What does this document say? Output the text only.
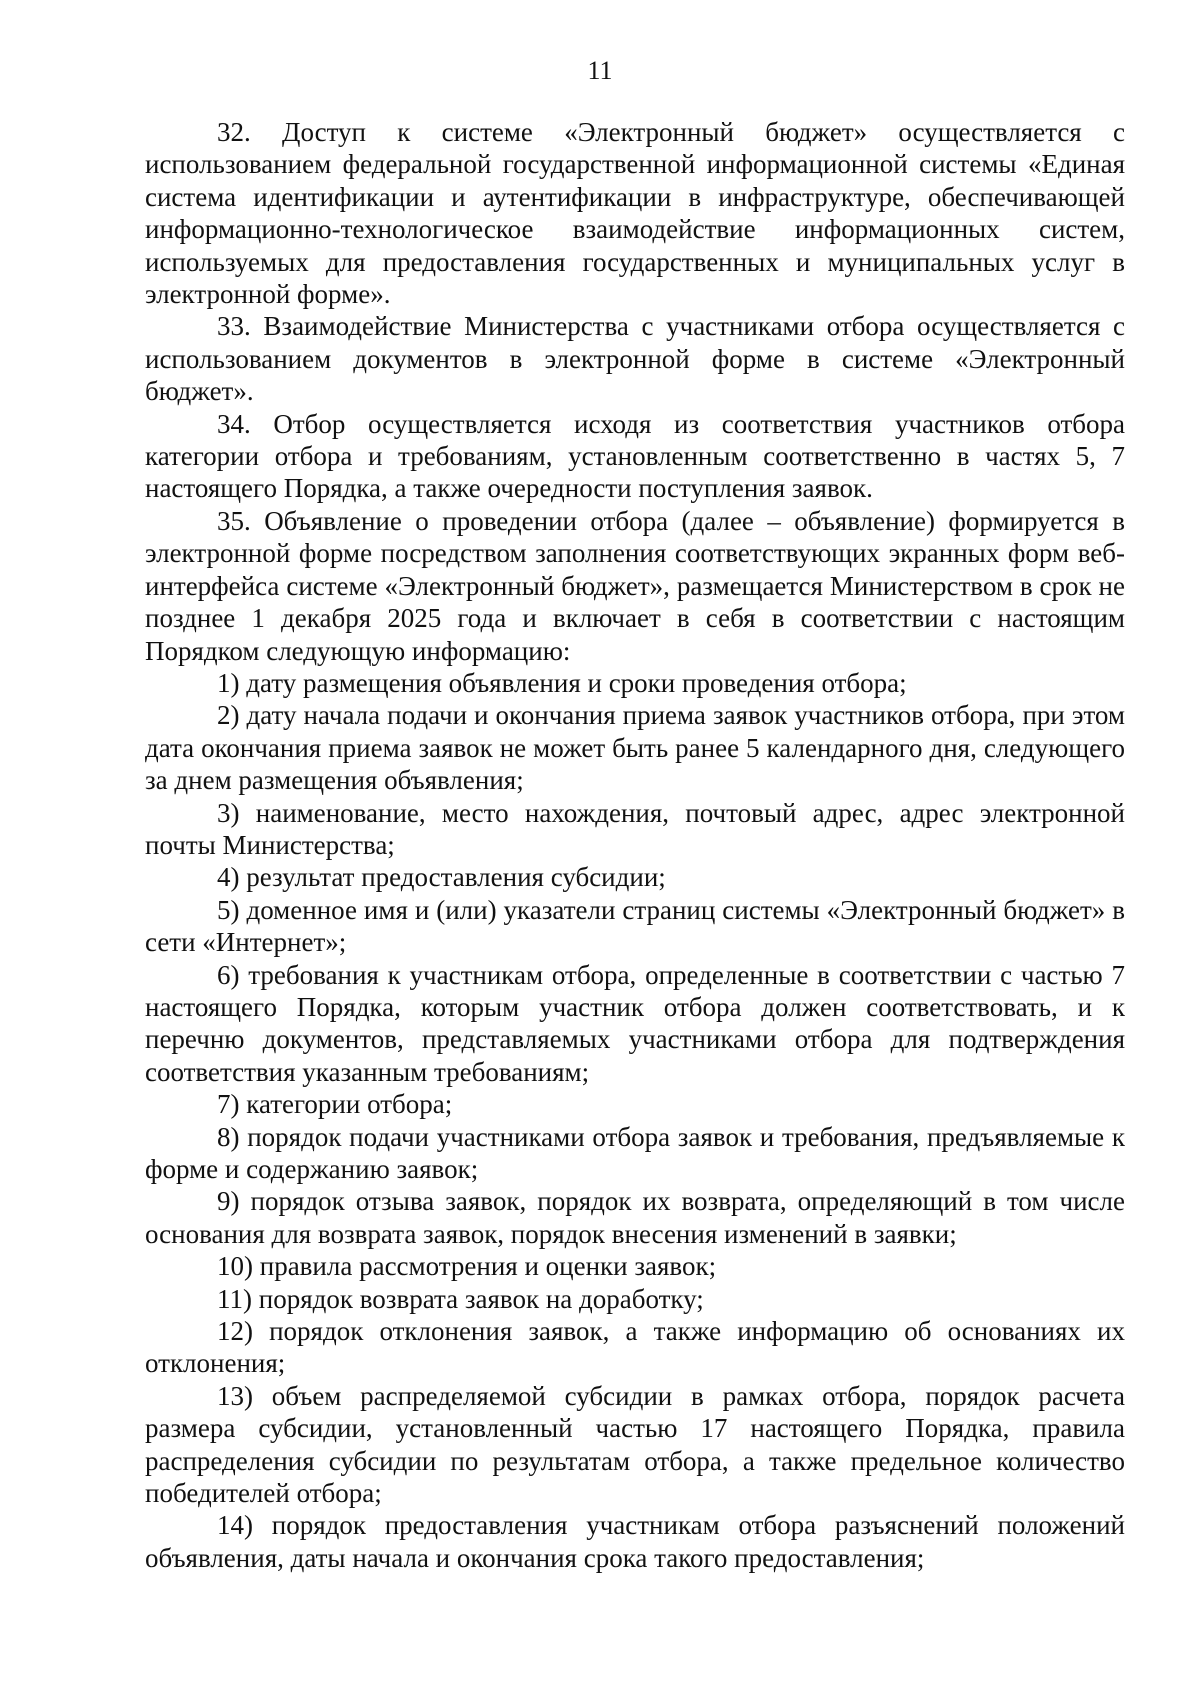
11

32. Доступ к системе «Электронный бюджет» осуществляется с использованием федеральной государственной информационной системы «Единая система идентификации и аутентификации в инфраструктуре, обеспечивающей информационно-технологическое взаимодействие информационных систем, используемых для предоставления государственных и муниципальных услуг в электронной форме».

33. Взаимодействие Министерства с участниками отбора осуществляется с использованием документов в электронной форме в системе «Электронный бюджет».

34. Отбор осуществляется исходя из соответствия участников отбора категории отбора и требованиям, установленным соответственно в частях 5, 7 настоящего Порядка, а также очередности поступления заявок.

35. Объявление о проведении отбора (далее – объявление) формируется в электронной форме посредством заполнения соответствующих экранных форм веб-интерфейса системе «Электронный бюджет», размещается Министерством в срок не позднее 1 декабря 2025 года и включает в себя в соответствии с настоящим Порядком следующую информацию:

1) дату размещения объявления и сроки проведения отбора;

2) дату начала подачи и окончания приема заявок участников отбора, при этом дата окончания приема заявок не может быть ранее 5 календарного дня, следующего за днем размещения объявления;

3) наименование, место нахождения, почтовый адрес, адрес электронной почты Министерства;

4) результат предоставления субсидии;

5) доменное имя и (или) указатели страниц системы «Электронный бюджет» в сети «Интернет»;

6) требования к участникам отбора, определенные в соответствии с частью 7 настоящего Порядка, которым участник отбора должен соответствовать, и к перечню документов, представляемых участниками отбора для подтверждения соответствия указанным требованиям;

7) категории отбора;

8) порядок подачи участниками отбора заявок и требования, предъявляемые к форме и содержанию заявок;

9) порядок отзыва заявок, порядок их возврата, определяющий в том числе основания для возврата заявок, порядок внесения изменений в заявки;

10) правила рассмотрения и оценки заявок;

11) порядок возврата заявок на доработку;

12) порядок отклонения заявок, а также информацию об основаниях их отклонения;

13) объем распределяемой субсидии в рамках отбора, порядок расчета размера субсидии, установленный частью 17 настоящего Порядка, правила распределения субсидии по результатам отбора, а также предельное количество победителей отбора;

14) порядок предоставления участникам отбора разъяснений положений объявления, даты начала и окончания срока такого предоставления;
